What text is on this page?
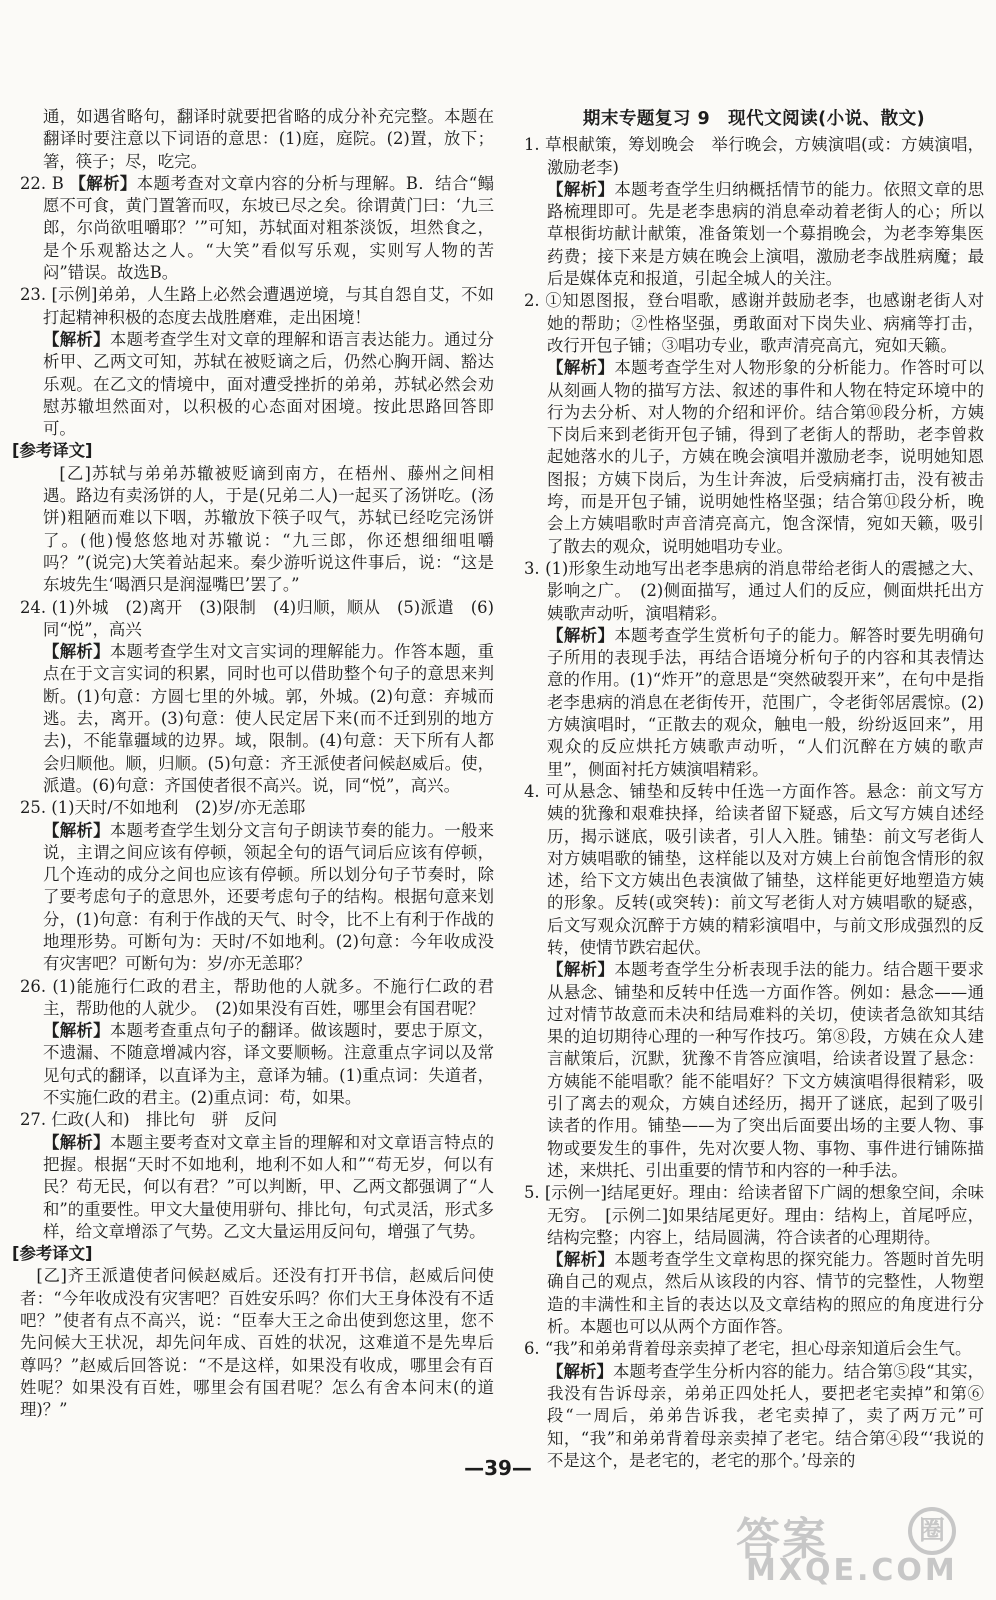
通，如遇省略句，翻译时就要把省略的成分补充完整。本题在翻译时要注意以下词语的意思：(1)庭，庭院。(2)置，放下；箸，筷子；尽，吃完。

22. B 【解析】本题考查对文章内容的分析与理解。B．结合“鳎愿不可食，黄门置箸而叹，东坡已尽之矣。徐谓黄门曰：‘九三郎，尔尚欲咀嚼耶？’”可知，苏轼面对粗茶淡饭，坦然食之，是个乐观豁达之人。“大笑”看似写乐观，实则写人物的苦闷”错误。故选B。

23. [示例]弟弟，人生路上必然会遭遇逆境，与其自怨自艾，不如打起精神积极的态度去战胜磨难，走出困境！

【解析】本题考查学生对文章的理解和语言表达能力。通过分析甲、乙两文可知，苏轼在被贬谪之后，仍然心胸开阔、豁达乐观。在乙文的情境中，面对遭受挫折的弟弟，苏轼必然会劝慰苏辙坦然面对，以积极的心态面对困境。按此思路回答即可。

[参考译文]

[乙]苏轼与弟弟苏辙被贬谪到南方，在梧州、藤州之间相遇。路边有卖汤饼的人，于是(兄弟二人)一起买了汤饼吃。(汤饼)粗陋而难以下咽，苏辙放下筷子叹气，苏轼已经吃完汤饼了。(他)慢悠悠地对苏辙说：“九三郎，你还想细细咀嚼吗？”(说完)大笑着站起来。秦少游听说这件事后，说：“这是东坡先生‘喝酒只是润湿嘴巴’罢了。”

24. (1)外城　(2)离开　(3)限制　(4)归顺，顺从　(5)派遣　(6)同“悦”，高兴

【解析】本题考查学生对文言实词的理解能力。作答本题，重点在于文言实词的积累，同时也可以借助整个句子的意思来判断。(1)句意：方圆七里的外城。郭，外城。(2)句意：弃城而逃。去，离开。(3)句意：使人民定居下来(而不迁到别的地方去)，不能靠疆域的边界。域，限制。(4)句意：天下所有人都会归顺他。顺，归顺。(5)句意：齐王派使者问候赵威后。使，派遣。(6)句意：齐国使者很不高兴。说，同“悦”，高兴。

25. (1)天时/不如地利　(2)岁/亦无恙耶

【解析】本题考查学生划分文言句子朗读节奏的能力。一般来说，主谓之间应该有停顿，领起全句的语气词后应该有停顿，几个连动的成分之间也应该有停顿。所以划分句子节奏时，除了要考虑句子的意思外，还要考虑句子的结构。根据句意来划分，(1)句意：有利于作战的天气、时令，比不上有利于作战的地理形势。可断句为：天时/不如地利。(2)句意：今年收成没有灾害吧？可断句为：岁/亦无恙耶？

26. (1)能施行仁政的君主，帮助他的人就多。不施行仁政的君主，帮助他的人就少。　(2)如果没有百姓，哪里会有国君呢？

【解析】本题考查重点句子的翻译。做该题时，要忠于原文，不遗漏、不随意增减内容，译文要顺畅。注意重点字词以及常见句式的翻译，以直译为主，意译为辅。(1)重点词：失道者，不实施仁政的君主。(2)重点词：苟，如果。

27. 仁政(人和)　排比句　骈　反问

【解析】本题主要考查对文章主旨的理解和对文章语言特点的把握。根据“天时不如地利，地利不如人和”“苟无岁，何以有民？苟无民，何以有君？”可以判断，甲、乙两文都强调了“人和”的重要性。甲文大量使用骈句、排比句，句式灵活，形式多样，给文章增添了气势。乙文大量运用反问句，增强了气势。

[参考译文]

[乙]齐王派遣使者问候赵威后。还没有打开书信，赵威后问使者：“今年收成没有灾害吧？百姓安乐吗？你们大王身体没有不适吧？”使者有点不高兴，说：“臣奉大王之命出使到您这里，您不先问候大王状况，却先问年成、百姓的状况，这难道不是先卑后尊吗？”赵威后回答说：“不是这样，如果没有收成，哪里会有百姓呢？如果没有百姓，哪里会有国君呢？怎么有舍本问末(的道理)？”

期末专题复习 9　现代文阅读(小说、散文)

1. 草根献策，筹划晚会　举行晚会，方姨演唱(或：方姨演唱，激励老李)

【解析】本题考查学生归纳概括情节的能力。依照文章的思路梳理即可。先是老李患病的消息牵动着老街人的心；所以草根街坊献计献策，准备策划一个募捐晚会，为老李筹集医药费；接下来是方姨在晚会上演唱，激励老李战胜病魔；最后是媒体克和报道，引起全城人的关注。

2. ①知恩图报，登台唱歌，感谢并鼓励老李，也感谢老街人对她的帮助；②性格坚强，勇敢面对下岗失业、病痛等打击，改行开包子铺；③唱功专业，歌声清亮高亢，宛如天籁。

【解析】本题考查学生对人物形象的分析能力。作答时可以从刻画人物的描写方法、叙述的事件和人物在特定环境中的行为去分析、对人物的介绍和评价。结合第⑩段分析，方姨下岗后来到老街开包子铺，得到了老街人的帮助，老李曾救起她落水的儿子，方姨在晚会演唱并激励老李，说明她知恩图报；方姨下岗后，为生计奔波，后受病痛打击，没有被击垮，而是开包子铺，说明她性格坚强；结合第⑪段分析，晚会上方姨唱歌时声音清亮高亢，饱含深情，宛如天籁，吸引了散去的观众，说明她唱功专业。

3. (1)形象生动地写出老李患病的消息带给老街人的震撼之大、影响之广。　(2)侧面描写，通过人们的反应，侧面烘托出方姨歌声动听，演唱精彩。

【解析】本题考查学生赏析句子的能力。解答时要先明确句子所用的表现手法，再结合语境分析句子的内容和其表情达意的作用。(1)“炸开”的意思是“突然破裂开来”，在句中是指老李患病的消息在老街传开，范围广，令老街邻居震惊。(2)方姨演唱时，“正散去的观众，触电一般，纷纷返回来”，用观众的反应烘托方姨歌声动听，“人们沉醉在方姨的歌声里”，侧面衬托方姨演唱精彩。

4. 可从悬念、铺垫和反转中任选一方面作答。悬念：前文写方姨的犹豫和艰难抉择，给读者留下疑惑，后文写方姨自述经历，揭示谜底，吸引读者，引人入胜。铺垫：前文写老街人对方姨唱歌的铺垫，这样能以及对方姨上台前饱含情形的叙述，给下文方姨出色表演做了铺垫，这样能更好地塑造方姨的形象。反转(或突转)：前文写老街人对方姨唱歌的疑惑，后文写观众沉醉于方姨的精彩演唱中，与前文形成强烈的反转，使情节跌宕起伏。

【解析】本题考查学生分析表现手法的能力。结合题干要求从悬念、铺垫和反转中任选一方面作答。例如：悬念——通过对情节故意而未决和结局难料的关切，使读者急欲知其结果的迫切期待心理的一种写作技巧。第⑧段，方姨在众人建言献策后，沉默，犹豫不肯答应演唱，给读者设置了悬念：方姨能不能唱歌？能不能唱好？下文方姨演唱得很精彩，吸引了离去的观众，方姨自述经历，揭开了谜底，起到了吸引读者的作用。铺垫——为了突出后面要出场的主要人物、事物或要发生的事件，先对次要人物、事物、事件进行铺陈描述，来烘托、引出重要的情节和内容的一种手法。

5. [示例一]结尾更好。理由：给读者留下广阔的想象空间，余味无穷。　[示例二]如果结尾更好。理由：结构上，首尾呼应，结构完整；内容上，结局圆满，符合读者的心理期待。

【解析】本题考查学生文章构思的探究能力。答题时首先明确自己的观点，然后从该段的内容、情节的完整性，人物塑造的丰满性和主旨的表达以及文章结构的照应的角度进行分析。本题也可以从两个方面作答。

6. “我”和弟弟背着母亲卖掉了老宅，担心母亲知道后会生气。

【解析】本题考查学生分析内容的能力。结合第⑤段“其实，我没有告诉母亲，弟弟正四处托人，要把老宅卖掉”和第⑥段“一周后，弟弟告诉我，老宅卖掉了，卖了两万元”可知，“我”和弟弟背着母亲卖掉了老宅。结合第④段“‘我说的不是这个，是老宅的，老宅的那个。’母亲的

—39—
答案	圈
MXQE.COM
